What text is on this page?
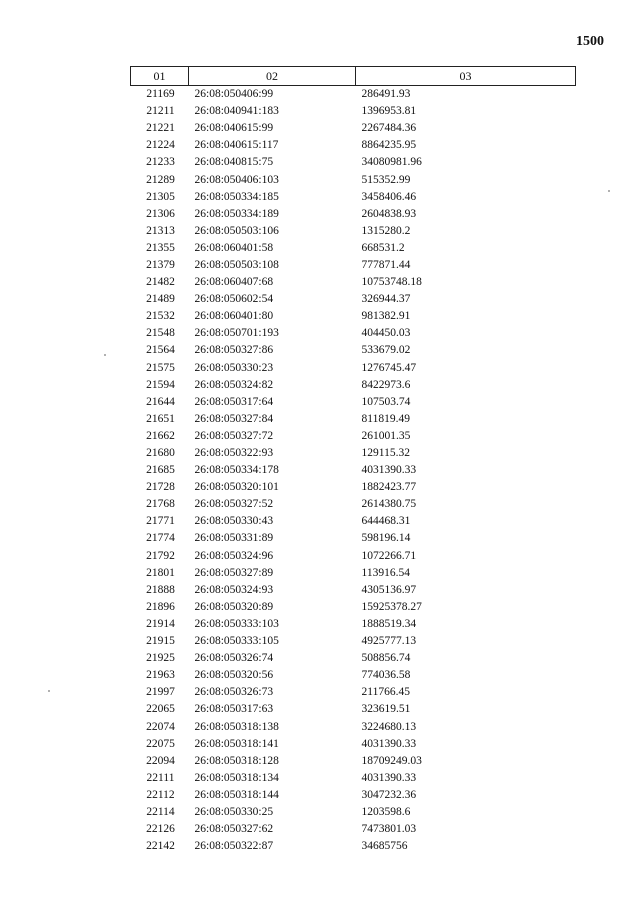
1500
01	02	03
21169	26:08:050406:99	286491.93
21211	26:08:040941:183	1396953.81
21221	26:08:040615:99	2267484.36
21224	26:08:040615:117	8864235.95
21233	26:08:040815:75	34080981.96
21289	26:08:050406:103	515352.99
21305	26:08:050334:185	3458406.46
21306	26:08:050334:189	2604838.93
21313	26:08:050503:106	1315280.2
21355	26:08:060401:58	668531.2
21379	26:08:050503:108	777871.44
21482	26:08:060407:68	10753748.18
21489	26:08:050602:54	326944.37
21532	26:08:060401:80	981382.91
21548	26:08:050701:193	404450.03
21564	26:08:050327:86	533679.02
21575	26:08:050330:23	1276745.47
21594	26:08:050324:82	8422973.6
21644	26:08:050317:64	107503.74
21651	26:08:050327:84	811819.49
21662	26:08:050327:72	261001.35
21680	26:08:050322:93	129115.32
21685	26:08:050334:178	4031390.33
21728	26:08:050320:101	1882423.77
21768	26:08:050327:52	2614380.75
21771	26:08:050330:43	644468.31
21774	26:08:050331:89	598196.14
21792	26:08:050324:96	1072266.71
21801	26:08:050327:89	113916.54
21888	26:08:050324:93	4305136.97
21896	26:08:050320:89	15925378.27
21914	26:08:050333:103	1888519.34
21915	26:08:050333:105	4925777.13
21925	26:08:050326:74	508856.74
21963	26:08:050320:56	774036.58
21997	26:08:050326:73	211766.45
22065	26:08:050317:63	323619.51
22074	26:08:050318:138	3224680.13
22075	26:08:050318:141	4031390.33
22094	26:08:050318:128	18709249.03
22111	26:08:050318:134	4031390.33
22112	26:08:050318:144	3047232.36
22114	26:08:050330:25	1203598.6
22126	26:08:050327:62	7473801.03
22142	26:08:050322:87	34685756
